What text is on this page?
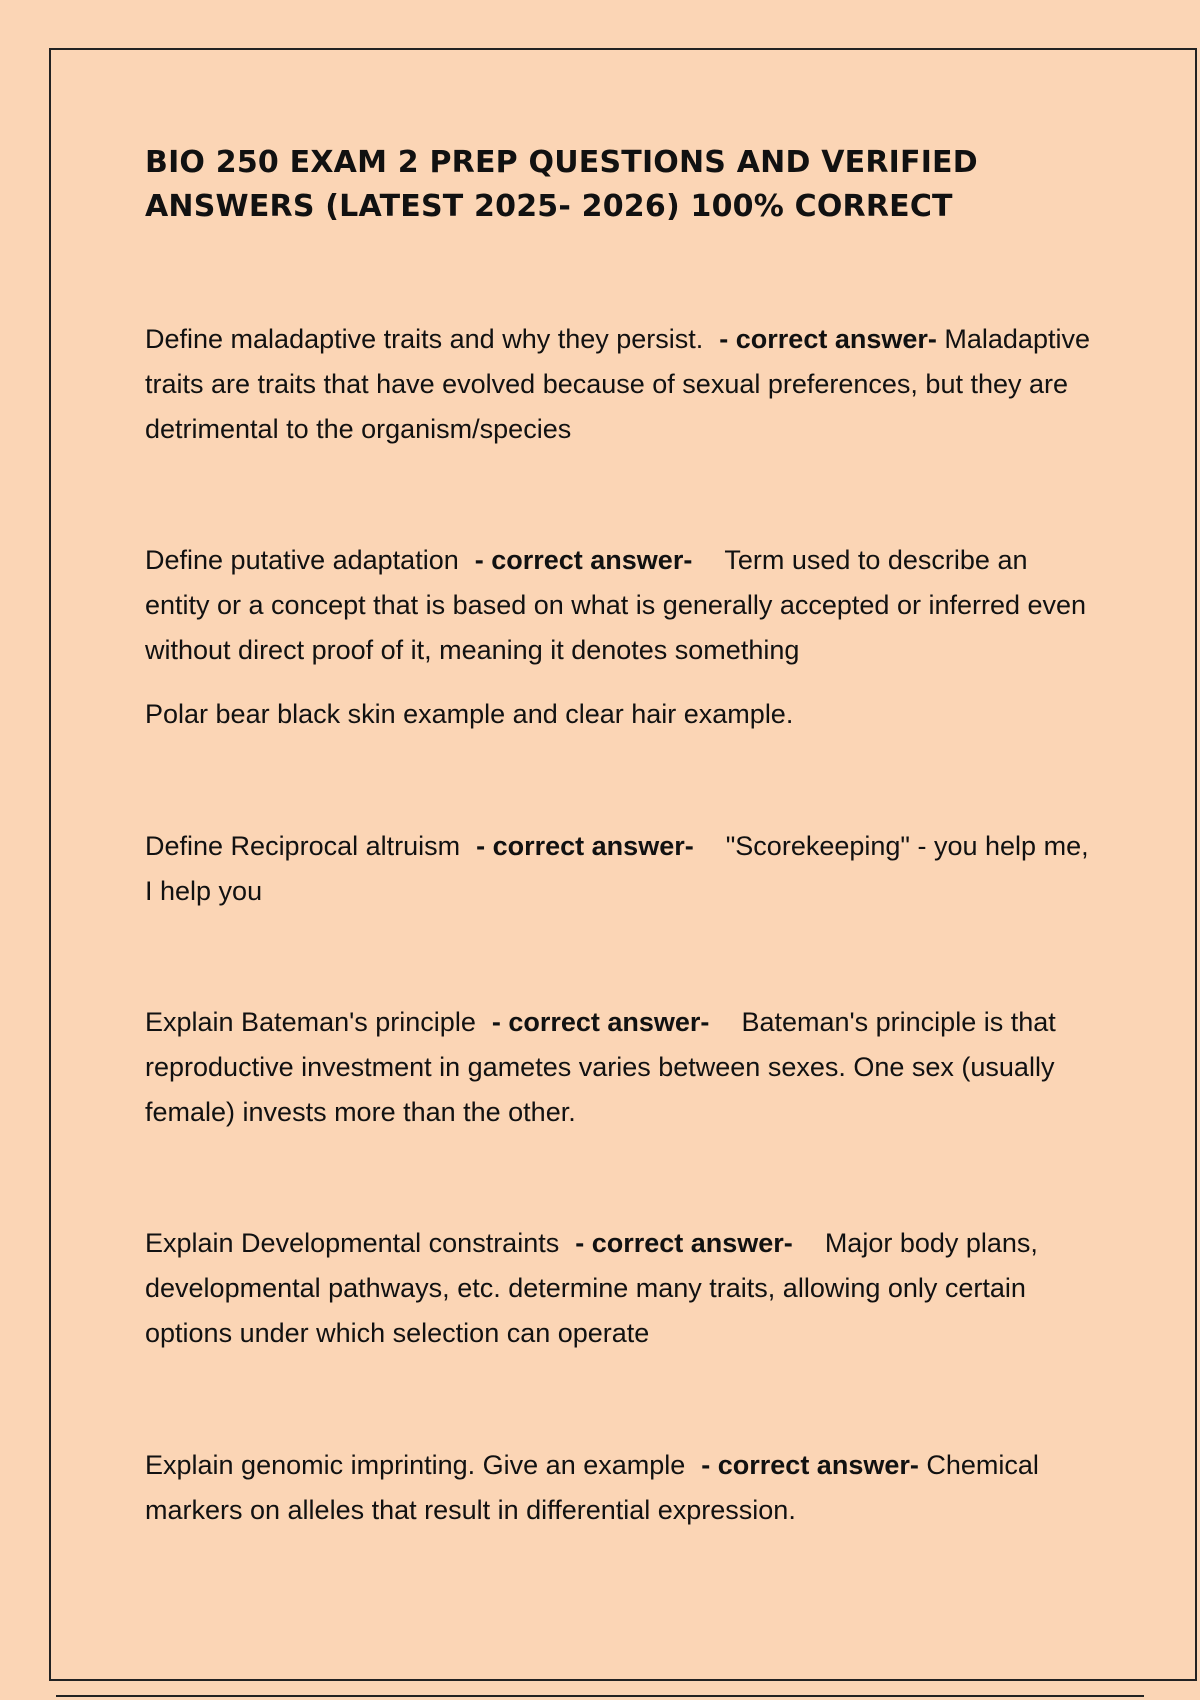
BIO 250 EXAM 2 PREP QUESTIONS AND VERIFIED ANSWERS (LATEST 2025- 2026) 100% CORRECT

Define maladaptive traits and why they persist. - correct answer- Maladaptive traits are traits that have evolved because of sexual preferences, but they are detrimental to the organism/species

Define putative adaptation - correct answer- Term used to describe an entity or a concept that is based on what is generally accepted or inferred even without direct proof of it, meaning it denotes something

Polar bear black skin example and clear hair example.

Define Reciprocal altruism - correct answer- "Scorekeeping" - you help me, I help you

Explain Bateman's principle - correct answer- Bateman's principle is that reproductive investment in gametes varies between sexes. One sex (usually female) invests more than the other.

Explain Developmental constraints - correct answer- Major body plans, developmental pathways, etc. determine many traits, allowing only certain options under which selection can operate

Explain genomic imprinting. Give an example - correct answer- Chemical markers on alleles that result in differential expression.
